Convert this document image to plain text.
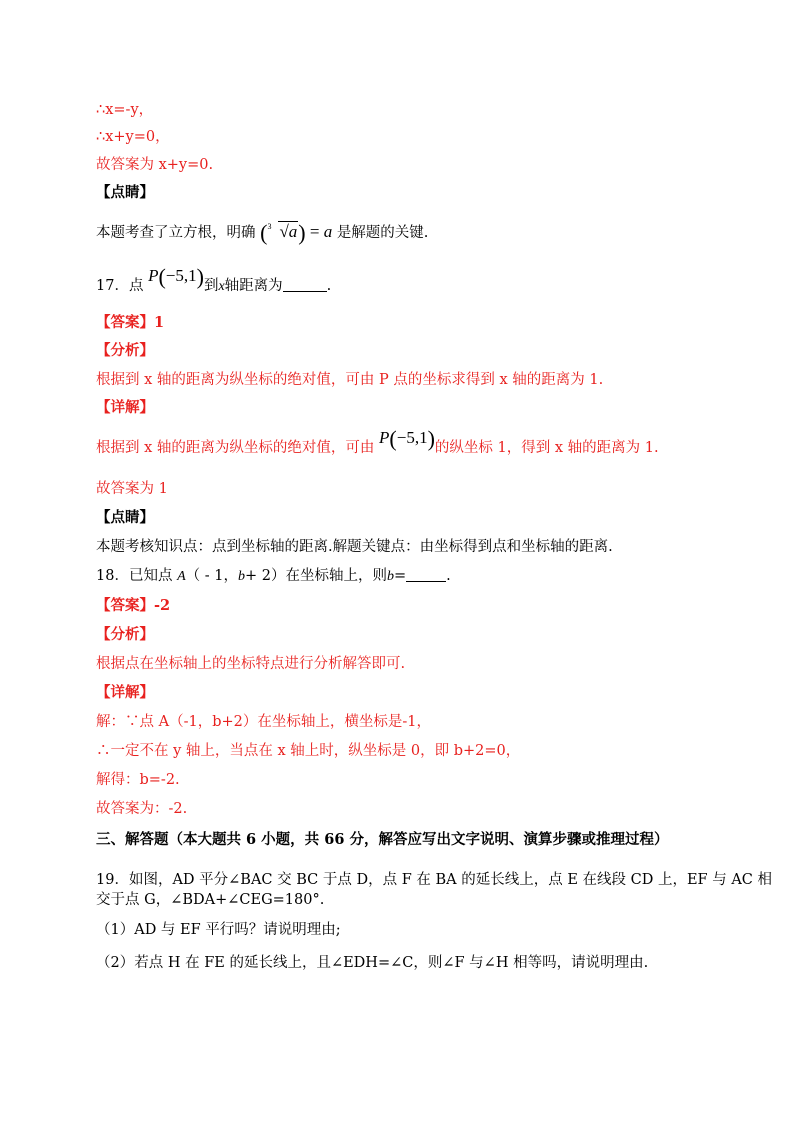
∴x=-y，
∴x+y=0，
故答案为 x+y=0.
【点睛】
本题考查了立方根，明确 ( 3 √a) = a 是解题的关键.
17．点 P(−5,1)到x轴距离为	.
【答案】1
【分析】
根据到 x 轴的距离为纵坐标的绝对值，可由 P 点的坐标求得到 x 轴的距离为 1.
【详解】
根据到 x 轴的距离为纵坐标的绝对值，可由 P(−5,1)的纵坐标 1，得到 x 轴的距离为 1.
故答案为 1
【点睛】
本题考核知识点：点到坐标轴的距离.解题关键点：由坐标得到点和坐标轴的距离.
18．已知点 A（ - 1，b+ 2）在坐标轴上，则b=	.
【答案】-2
【分析】
根据点在坐标轴上的坐标特点进行分析解答即可.
【详解】
解：∵点 A（-1，b+2）在坐标轴上，横坐标是-1，
∴一定不在 y 轴上，当点在 x 轴上时，纵坐标是 0，即 b+2=0，
解得：b=-2.
故答案为：-2.
三、解答题（本大题共 6 小题，共 66 分，解答应写出文字说明、演算步骤或推理过程）
19．如图，AD 平分∠BAC 交 BC 于点 D，点 F 在 BA 的延长线上，点 E 在线段 CD 上，EF 与 AC 相
交于点 G，∠BDA+∠CEG=180°.
（1）AD 与 EF 平行吗？请说明理由;
（2）若点 H 在 FE 的延长线上，且∠EDH=∠C，则∠F 与∠H 相等吗，请说明理由.
